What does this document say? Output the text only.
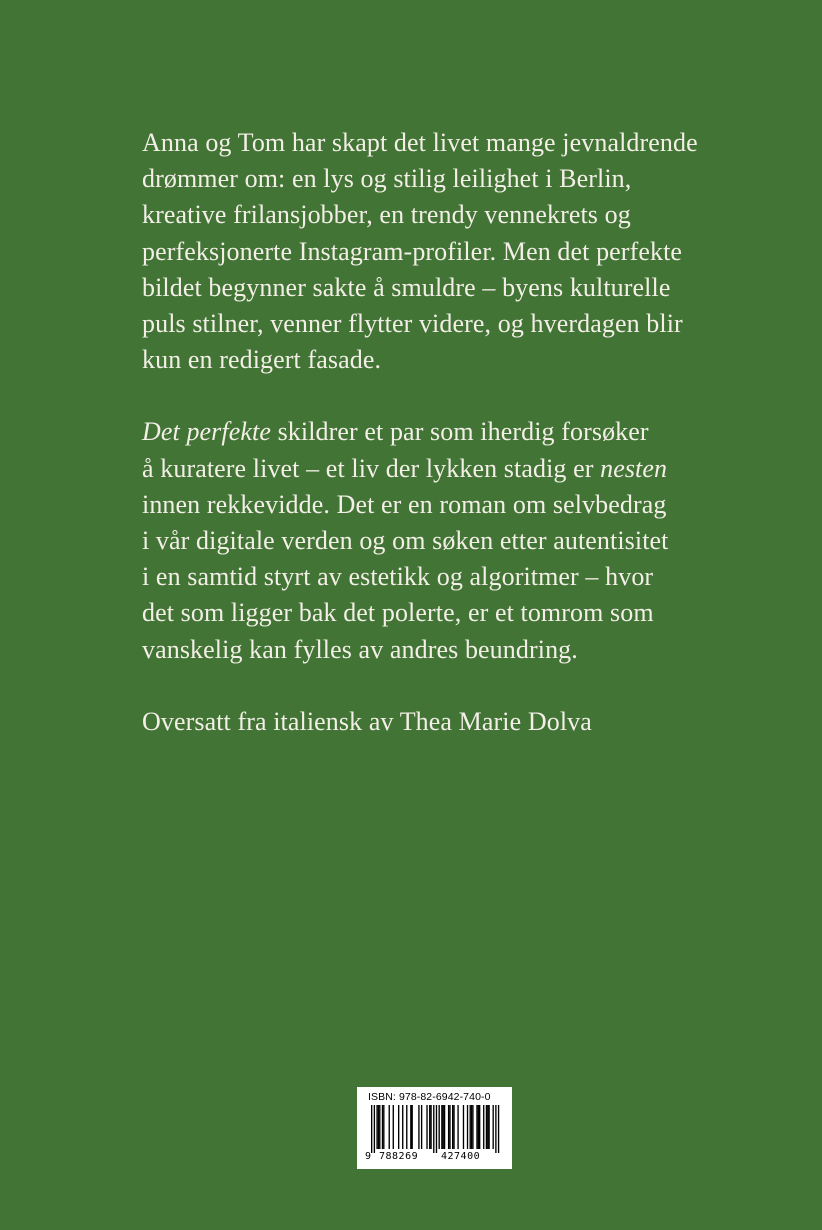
Anna og Tom har skapt det livet mange jevnaldrende
drømmer om: en lys og stilig leilighet i Berlin,
kreative frilansjobber, en trendy vennekrets og
perfeksjonerte Instagram-profiler. Men det perfekte
bildet begynner sakte å smuldre – byens kulturelle
puls stilner, venner flytter videre, og hverdagen blir
kun en redigert fasade.
Det perfekte skildrer et par som iherdig forsøker
å kuratere livet – et liv der lykken stadig er nesten
innen rekkevidde. Det er en roman om selvbedrag
i vår digitale verden og om søken etter autentisitet
i en samtid styrt av estetikk og algoritmer – hvor
det som ligger bak det polerte, er et tomrom som
vanskelig kan fylles av andres beundring.
Oversatt fra italiensk av Thea Marie Dolva
ISBN: 978-82-6942-740-0
9 788269 427400
